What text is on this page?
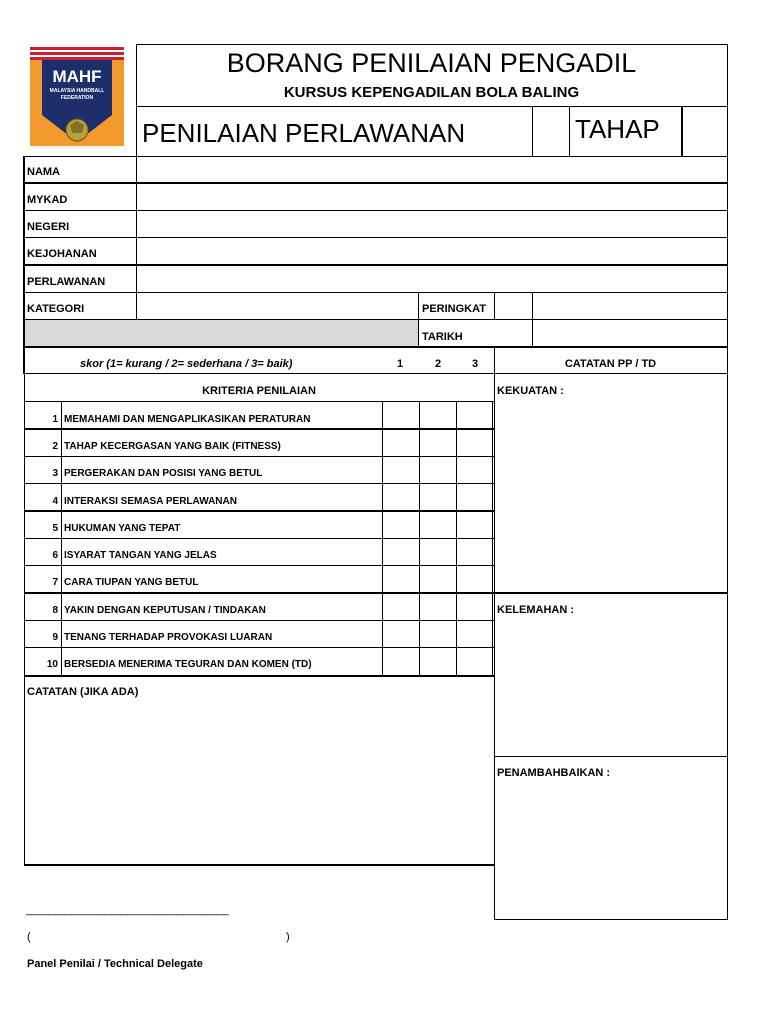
MAHF
MALAYSIA HANDBALL
FEDERATION
BORANG PENILAIAN PENGADIL
KURSUS KEPENGADILAN BOLA BALING
PENILAIAN PERLAWANAN	TAHAP
NAMA
MYKAD
NEGERI
KEJOHANAN
PERLAWANAN
KATEGORI	PERINGKAT
TARIKH
skor (1= kurang / 2= sederhana / 3= baik)	1	2	3	CATATAN PP / TD
KRITERIA PENILAIAN
1 MEMAHAMI DAN MENGAPLIKASIKAN PERATURAN
2 TAHAP KECERGASAN YANG BAIK (FITNESS)
3 PERGERAKAN DAN POSISI YANG BETUL
4 INTERAKSI SEMASA PERLAWANAN
5 HUKUMAN YANG TEPAT
6 ISYARAT TANGAN YANG JELAS
7 CARA TIUPAN YANG BETUL
8 YAKIN DENGAN KEPUTUSAN / TINDAKAN
9 TENANG TERHADAP PROVOKASI LUARAN
10 BERSEDIA MENERIMA TEGURAN DAN KOMEN (TD)
KEKUATAN :
KELEMAHAN :
PENAMBAHBAIKAN :
CATATAN (JIKA ADA)
____________________________________
(	)
Panel Penilai / Technical Delegate
